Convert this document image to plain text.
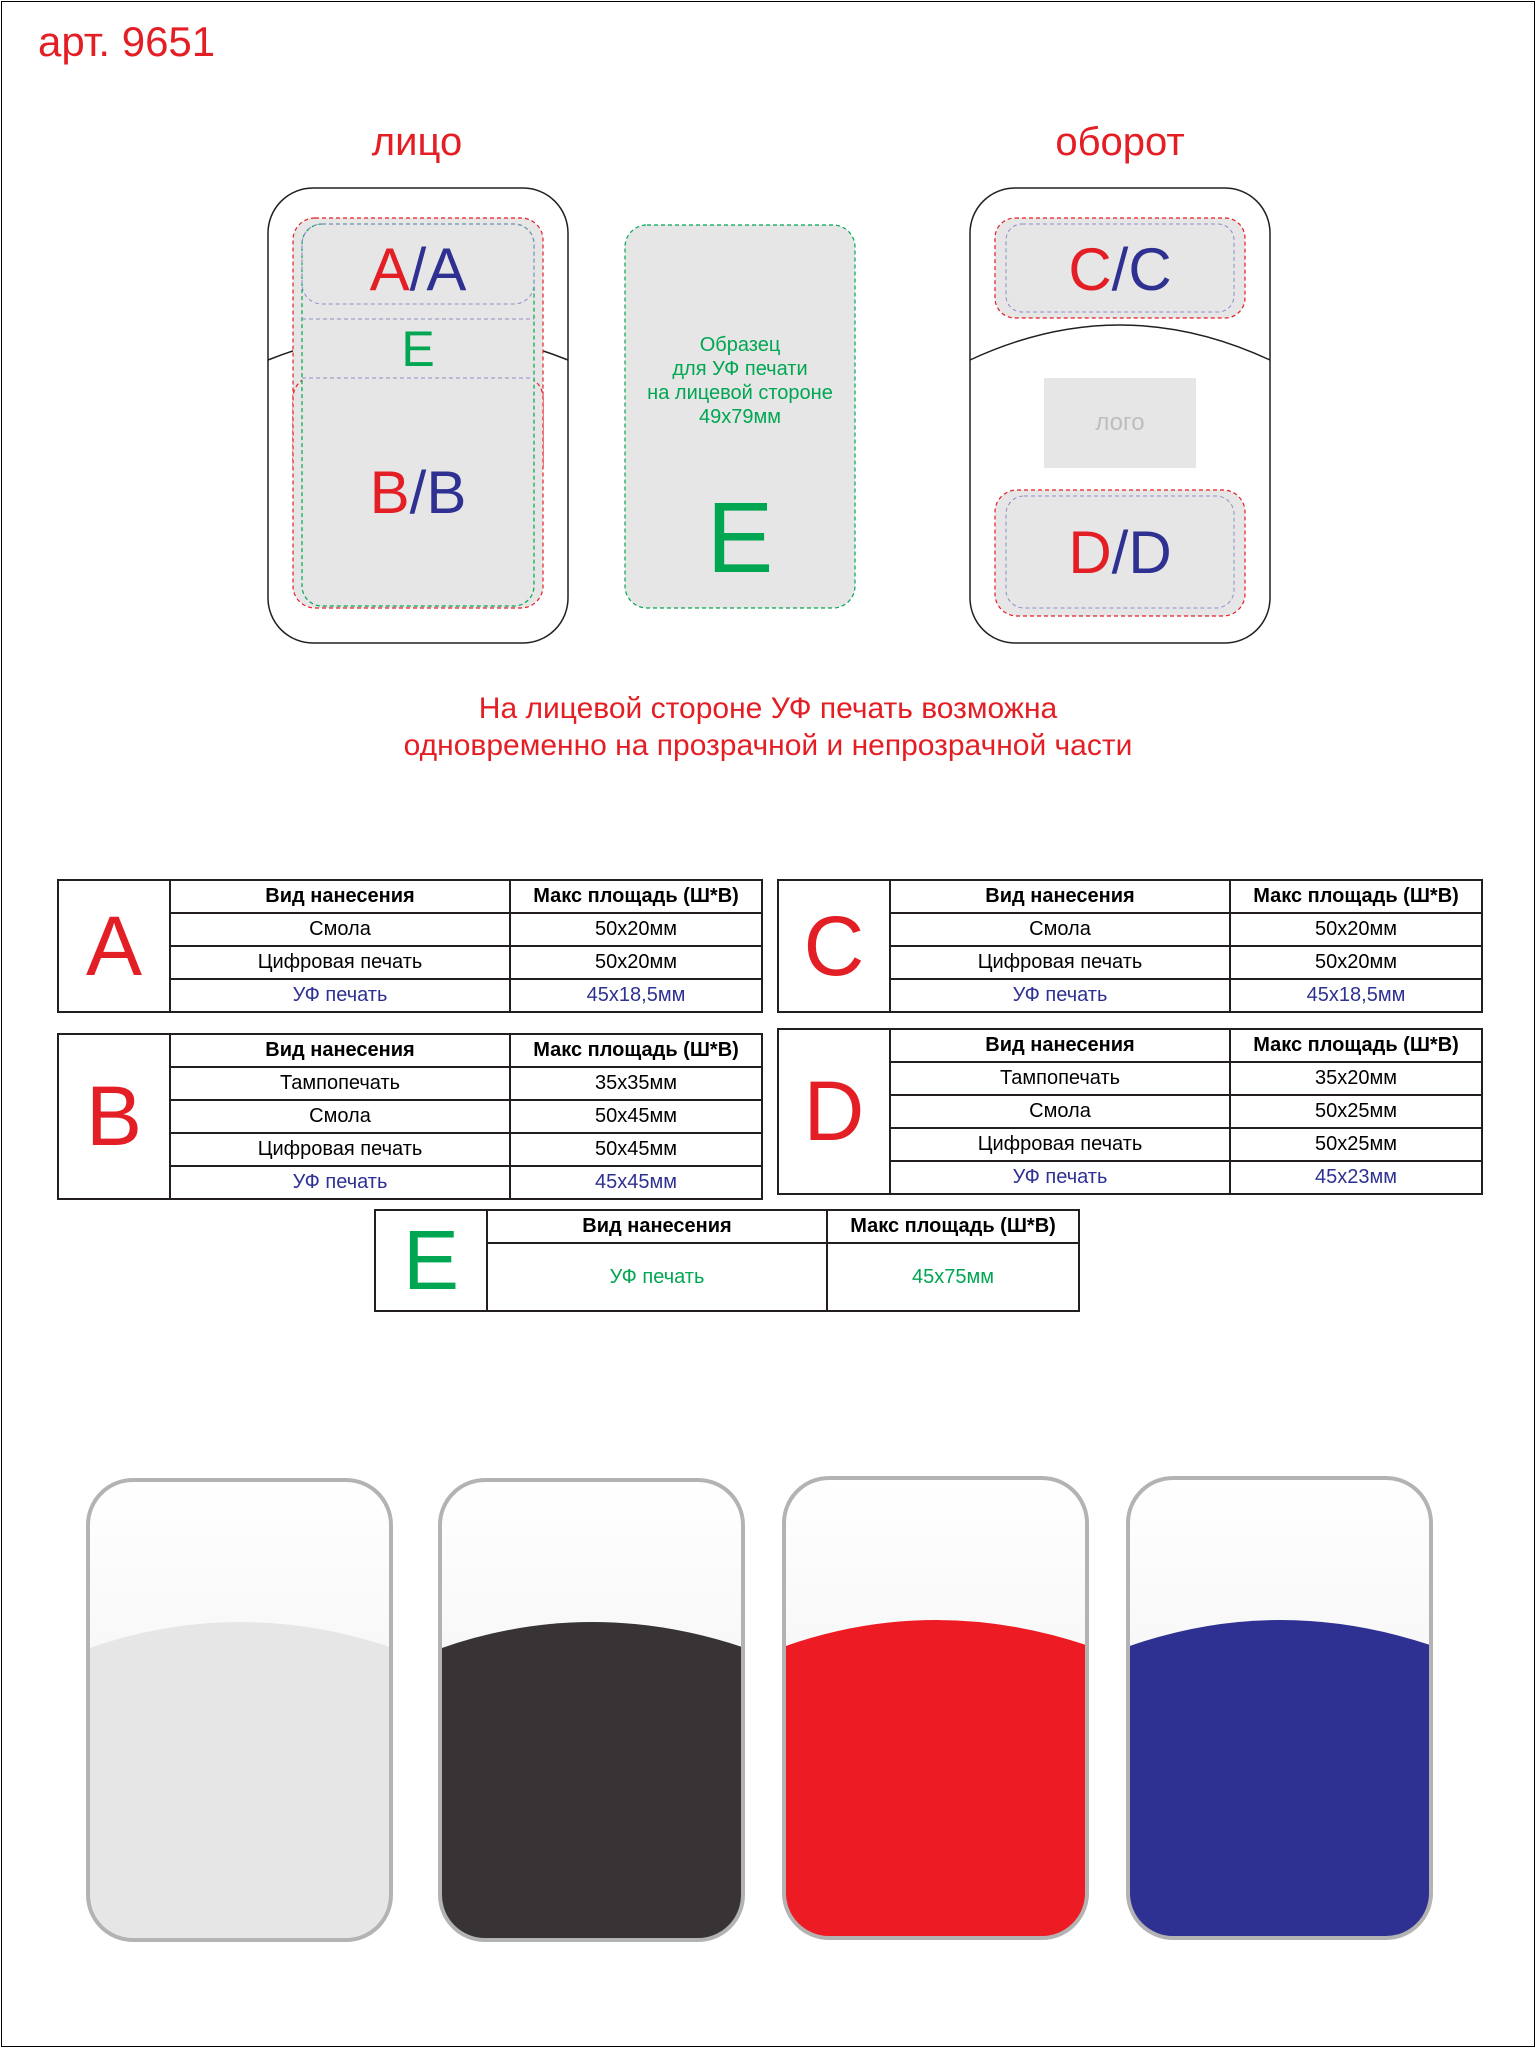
арт. 9651
лицо	оборот
A/A
E
B/B
Образец
для УФ печати
на лицевой стороне
49x79мм
E
C/C
лого
D/D
На лицевой стороне УФ печать возможна
одновременно на прозрачной и непрозрачной части
A	Вид нанесения	Макс площадь (Ш*В)
	Смола	50x20мм
	Цифровая печать	50x20мм
	УФ печать	45x18,5мм
C	Вид нанесения	Макс площадь (Ш*В)
	Смола	50x20мм
	Цифровая печать	50x20мм
	УФ печать	45x18,5мм
B	Вид нанесения	Макс площадь (Ш*В)
	Тампопечать	35x35мм
	Смола	50x45мм
	Цифровая печать	50x45мм
	УФ печать	45x45мм
D	Вид нанесения	Макс площадь (Ш*В)
	Тампопечать	35x20мм
	Смола	50x25мм
	Цифровая печать	50x25мм
	УФ печать	45x23мм
E	Вид нанесения	Макс площадь (Ш*В)
	УФ печать	45x75мм
